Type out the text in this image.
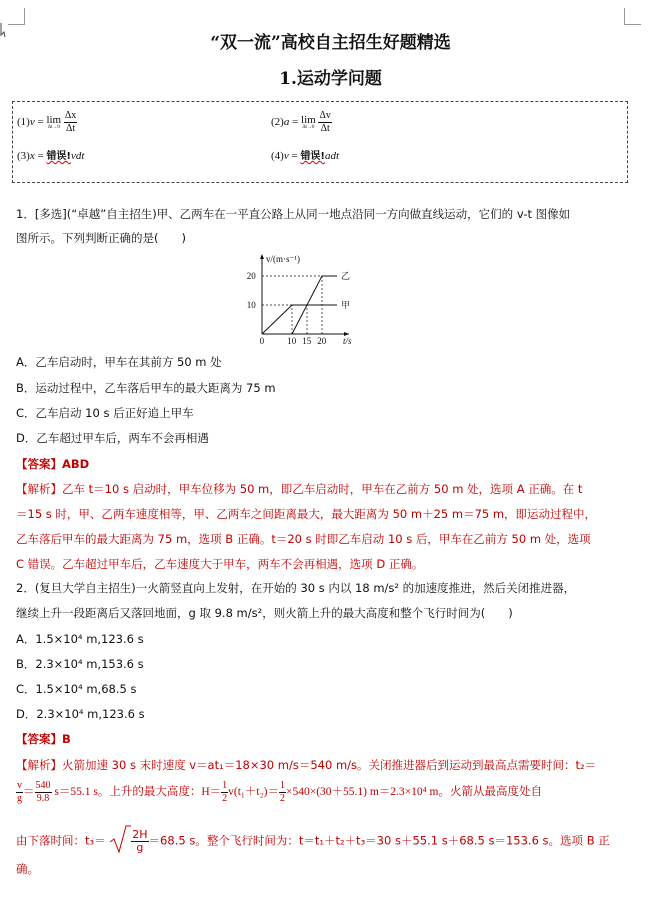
“双一流”高校自主招生好题精选
1.运动学问题
(1)v = lim
Δt→0
$\frac{\Delta x}{\Delta t}$	(2)a = lim
Δt→0
$\frac{\Delta v}{\Delta t}$
(3)x = 错误!vdt	(4)v = 错误!adt
1．[多选](“卓越”自主招生)甲、乙两车在一平直公路上从同一地点沿同一方向做直线运动，它们的 v-t 图像如
图所示。下列判断正确的是(　　)
v/(m·s⁻¹)
t/s
0	10 15 20
10
20
甲
乙
A．乙车启动时，甲车在其前方 50 m 处
B．运动过程中，乙车落后甲车的最大距离为 75 m
C．乙车启动 10 s 后正好追上甲车
D．乙车超过甲车后，两车不会再相遇
【答案】ABD
【解析】乙车 t＝10 s 启动时，甲车位移为 50 m，即乙车启动时，甲车在乙前方 50 m 处，选项 A 正确。在 t
＝15 s 时，甲、乙两车速度相等，甲、乙两车之间距离最大，最大距离为 50 m＋25 m＝75 m，即运动过程中，
乙车落后甲车的最大距离为 75 m，选项 B 正确。t＝20 s 时即乙车启动 10 s 后，甲车在乙前方 50 m 处，选项
C 错误。乙车超过甲车后，乙车速度大于甲车，两车不会再相遇，选项 D 正确。
2．(复旦大学自主招生)一火箭竖直向上发射，在开始的 30 s 内以 18 m/s² 的加速度推进，然后关闭推进器，
继续上升一段距离后又落回地面，g 取 9.8 m/s²，则火箭上升的最大高度和整个飞行时间为(　　)
A．1.5×10⁴ m,123.6 s
B．2.3×10⁴ m,153.6 s
C．1.5×10⁴ m,68.5 s
D．2.3×10⁴ m,123.6 s
【答案】B
【解析】火箭加速 30 s 末时速度 v＝at₁＝18×30 m/s＝540 m/s。关闭推进器后到运动到最高点需要时间：t₂＝
$\frac{v}{g} = \frac{540}{9.8} s=55.1$ s。上升的最大高度：$H= \frac{1}{2} v(t_1+t_2)= \frac{1}{2} \times 540\times(30+55.1)$ m＝2.3×10⁴ m。火箭从最高度处自
由下落时间：$t_3= \frac{2H}{g} =68.5$ s。整个飞行时间为：t＝t₁＋t₂＋t₃＝30 s＋55.1 s＋68.5 s＝153.6 s。选项 B 正
确。
